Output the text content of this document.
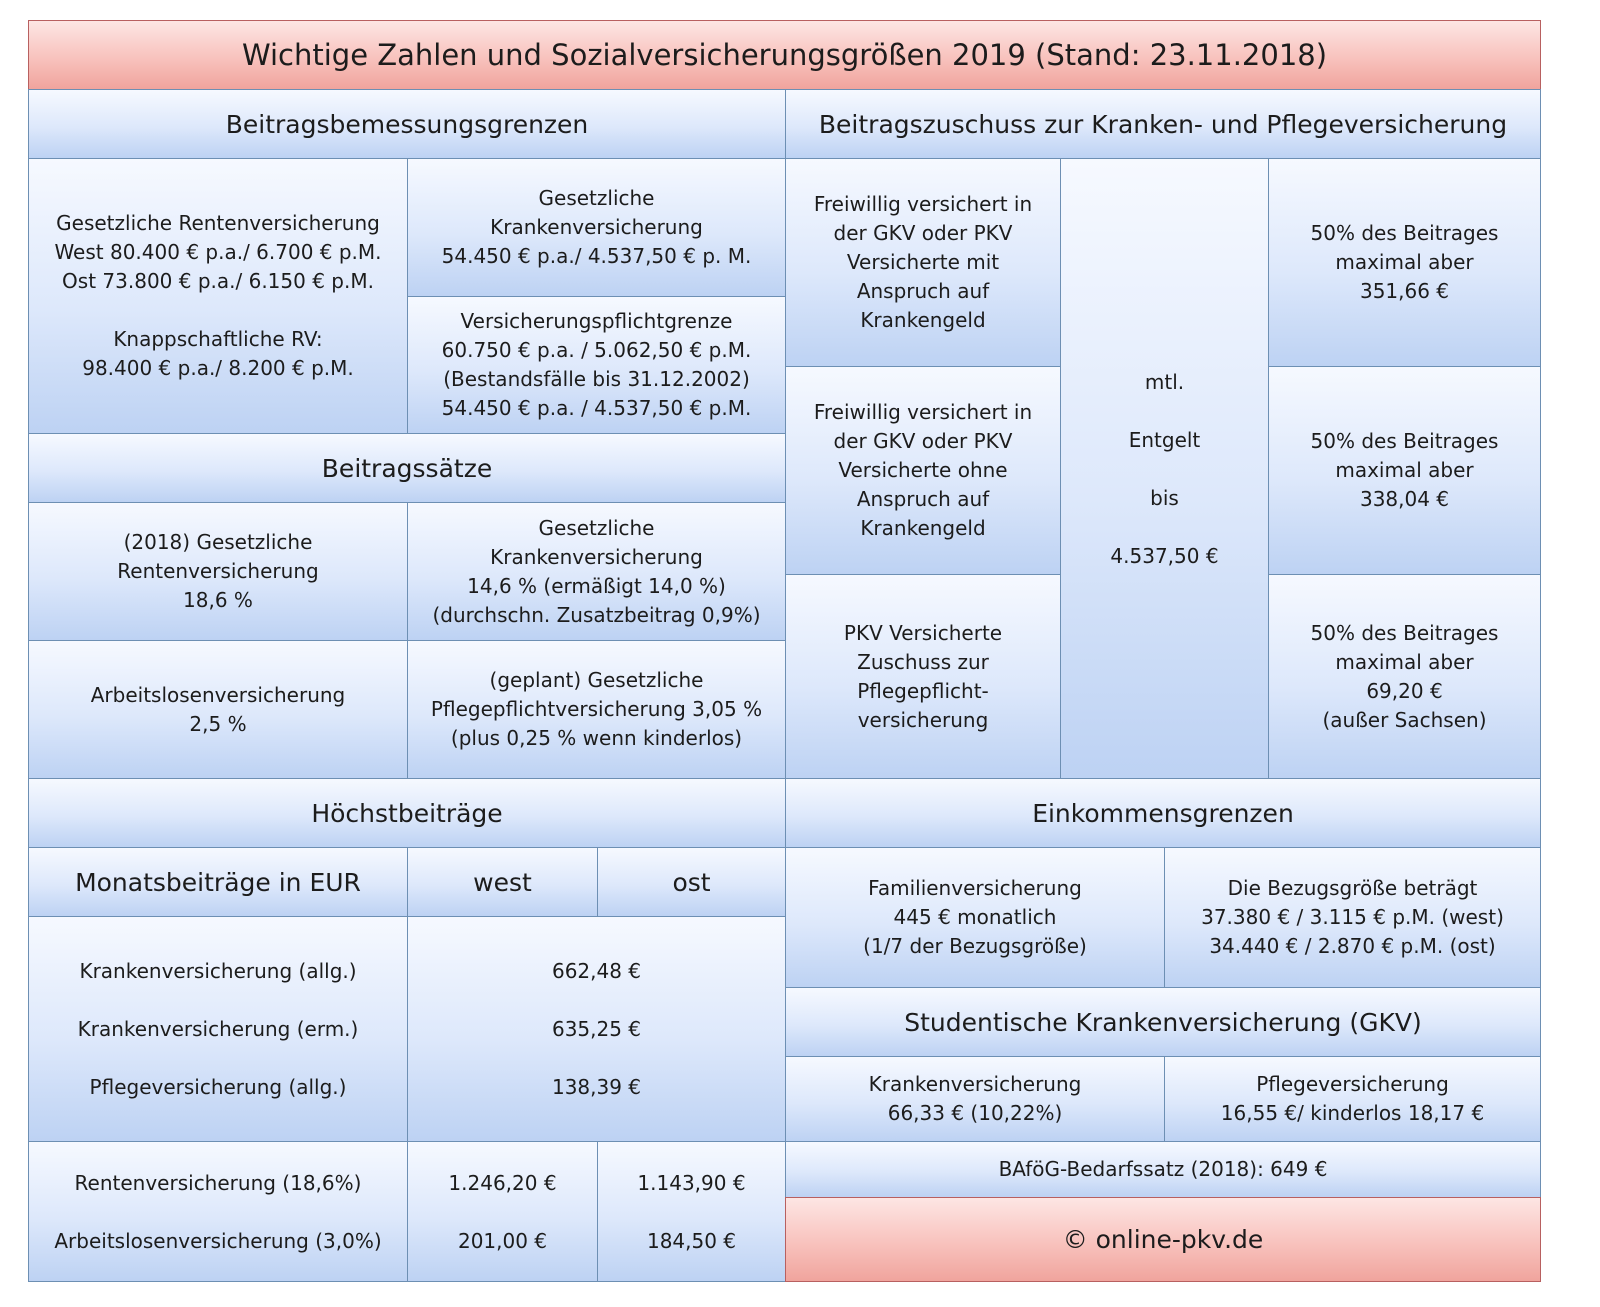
Wichtige Zahlen und Sozialversicherungsgrößen 2019 (Stand: 23.11.2018)
Beitragsbemessungsgrenzen
Gesetzliche Rentenversicherung
West 80.400 € p.a./ 6.700 € p.M.
Ost 73.800 € p.a./ 6.150 € p.M.
Knappschaftliche RV:
98.400 € p.a./ 8.200 € p.M.
Gesetzliche
Krankenversicherung
54.450 € p.a./ 4.537,50 € p. M.
Versicherungspflichtgrenze
60.750 € p.a. / 5.062,50 € p.M.
(Bestandsfälle bis 31.12.2002)
54.450 € p.a. / 4.537,50 € p.M.
Beitragssätze
(2018) Gesetzliche
Rentenversicherung
18,6 %
Gesetzliche
Krankenversicherung
14,6 % (ermäßigt 14,0 %)
(durchschn. Zusatzbeitrag 0,9%)
Arbeitslosenversicherung
2,5 %
(geplant) Gesetzliche
Pflegepflichtversicherung 3,05 %
(plus 0,25 % wenn kinderlos)
Beitragszuschuss zur Kranken- und Pflegeversicherung
Freiwillig versichert in
der GKV oder PKV
Versicherte mit
Anspruch auf
Krankengeld
Freiwillig versichert in
der GKV oder PKV
Versicherte ohne
Anspruch auf
Krankengeld
PKV Versicherte
Zuschuss zur
Pflegepflicht-
versicherung
mtl.
Entgelt
bis
4.537,50 €
50% des Beitrages
maximal aber
351,66 €
50% des Beitrages
maximal aber
338,04 €
50% des Beitrages
maximal aber
69,20 €
(außer Sachsen)
Höchstbeiträge
Monatsbeiträge in EUR	west	ost
Krankenversicherung (allg.)
Krankenversicherung (erm.)
Pflegeversicherung (allg.)
662,48 €
635,25 €
138,39 €
Rentenversicherung (18,6%)
Arbeitslosenversicherung (3,0%)
1.246,20 €
201,00 €
1.143,90 €
184,50 €
Einkommensgrenzen
Familienversicherung
445 € monatlich
(1/7 der Bezugsgröße)
Die Bezugsgröße beträgt
37.380 € / 3.115 € p.M. (west)
34.440 € / 2.870 € p.M. (ost)
Studentische Krankenversicherung (GKV)
Krankenversicherung
66,33 € (10,22%)
Pflegeversicherung
16,55 €/ kinderlos 18,17 €
BAföG-Bedarfssatz (2018): 649 €
© online-pkv.de
